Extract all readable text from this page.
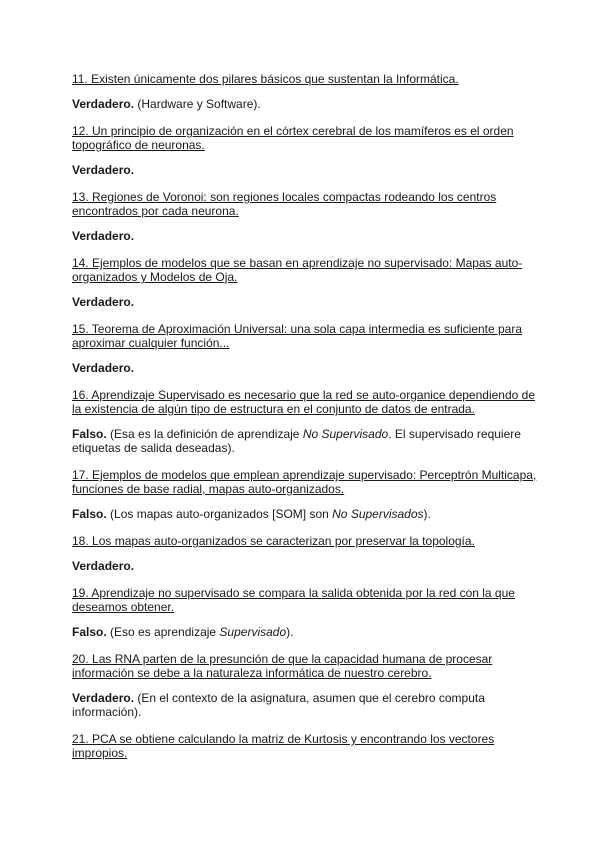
11. Existen únicamente dos pilares básicos que sustentan la Informática.

Verdadero. (Hardware y Software).

12. Un principio de organización en el córtex cerebral de los mamíferos es el orden topográfico de neuronas.

Verdadero.

13. Regiones de Voronoi: son regiones locales compactas rodeando los centros encontrados por cada neurona.

Verdadero.

14. Ejemplos de modelos que se basan en aprendizaje no supervisado: Mapas auto-organizados y Modelos de Oja.

Verdadero.

15. Teorema de Aproximación Universal: una sola capa intermedia es suficiente para aproximar cualquier función...

Verdadero.

16. Aprendizaje Supervisado es necesario que la red se auto-organice dependiendo de la existencia de algún tipo de estructura en el conjunto de datos de entrada.

Falso. (Esa es la definición de aprendizaje No Supervisado. El supervisado requiere etiquetas de salida deseadas).

17. Ejemplos de modelos que emplean aprendizaje supervisado: Perceptrón Multicapa, funciones de base radial, mapas auto-organizados.

Falso. (Los mapas auto-organizados [SOM] son No Supervisados).

18. Los mapas auto-organizados se caracterizan por preservar la topología.

Verdadero.

19. Aprendizaje no supervisado se compara la salida obtenida por la red con la que deseamos obtener.

Falso. (Eso es aprendizaje Supervisado).

20. Las RNA parten de la presunción de que la capacidad humana de procesar información se debe a la naturaleza informática de nuestro cerebro.

Verdadero. (En el contexto de la asignatura, asumen que el cerebro computa información).

21. PCA se obtiene calculando la matriz de Kurtosis y encontrando los vectores impropios.
